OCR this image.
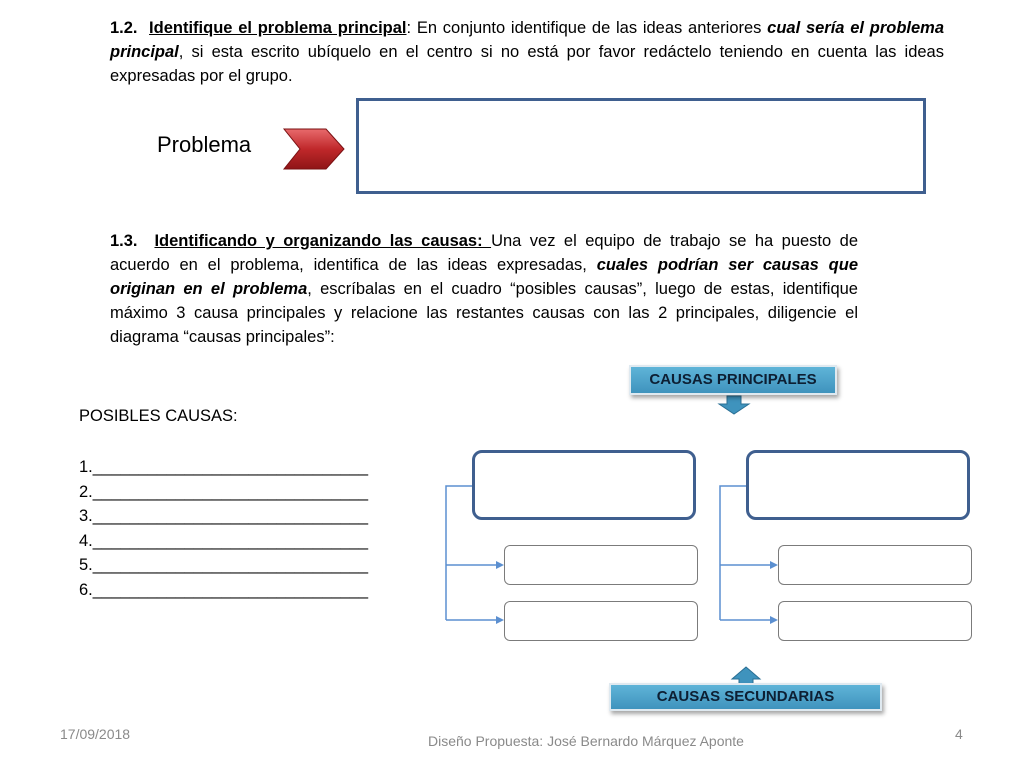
1.2. Identifique el problema principal: En conjunto identifique de las ideas anteriores cual sería el problema principal, si esta escrito ubíquelo en el centro si no está por favor redáctelo teniendo en cuenta las ideas expresadas por el grupo.
Problema
1.3. Identificando y organizando las causas: Una vez el equipo de trabajo se ha puesto de acuerdo en el problema, identifica de las ideas expresadas, cuales podrían ser causas que originan en el problema, escríbalas en el cuadro “posibles causas”, luego de estas, identifique máximo 3 causa principales y relacione las restantes causas con las 2 principales, diligencie el diagrama “causas principales”:
POSIBLES CAUSAS:
1.______________________________
2.______________________________
3.______________________________
4.______________________________
5.______________________________
6.______________________________
CAUSAS PRINCIPALES
CAUSAS SECUNDARIAS
17/09/2018	Diseño Propuesta: José Bernardo Márquez Aponte	4
